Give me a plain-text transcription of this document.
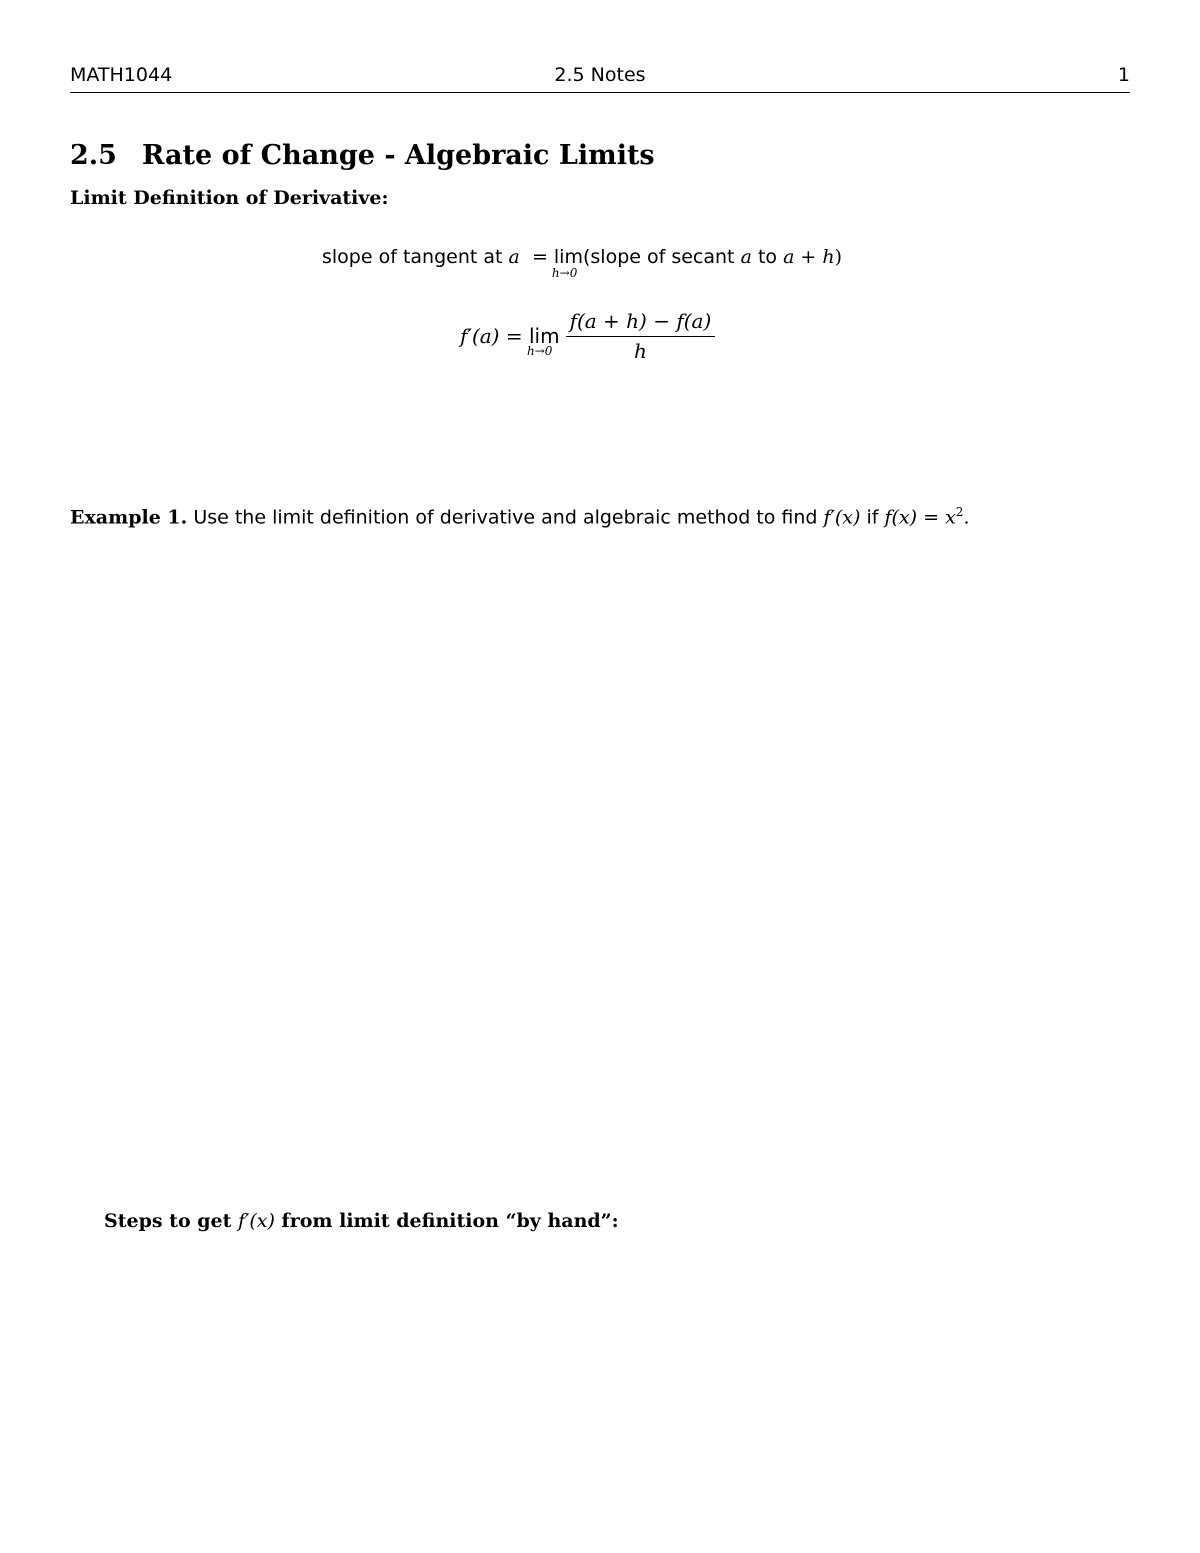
2.5 Notes
MATH1044	1
2.5 Rate of Change - Algebraic Limits
Limit Definition of Derivative:
slope of tangent at a = lim
h→0
(slope of secant a to a + h)
f′(a) =
lim
$h\to 0 \frac{f(a + h) - f(a)}{h}$
Example 1. Use the limit definition of derivative and algebraic method to find f′(x) if $f(x) = x^2$.
Steps to get f′(x) from limit definition “by hand”:
